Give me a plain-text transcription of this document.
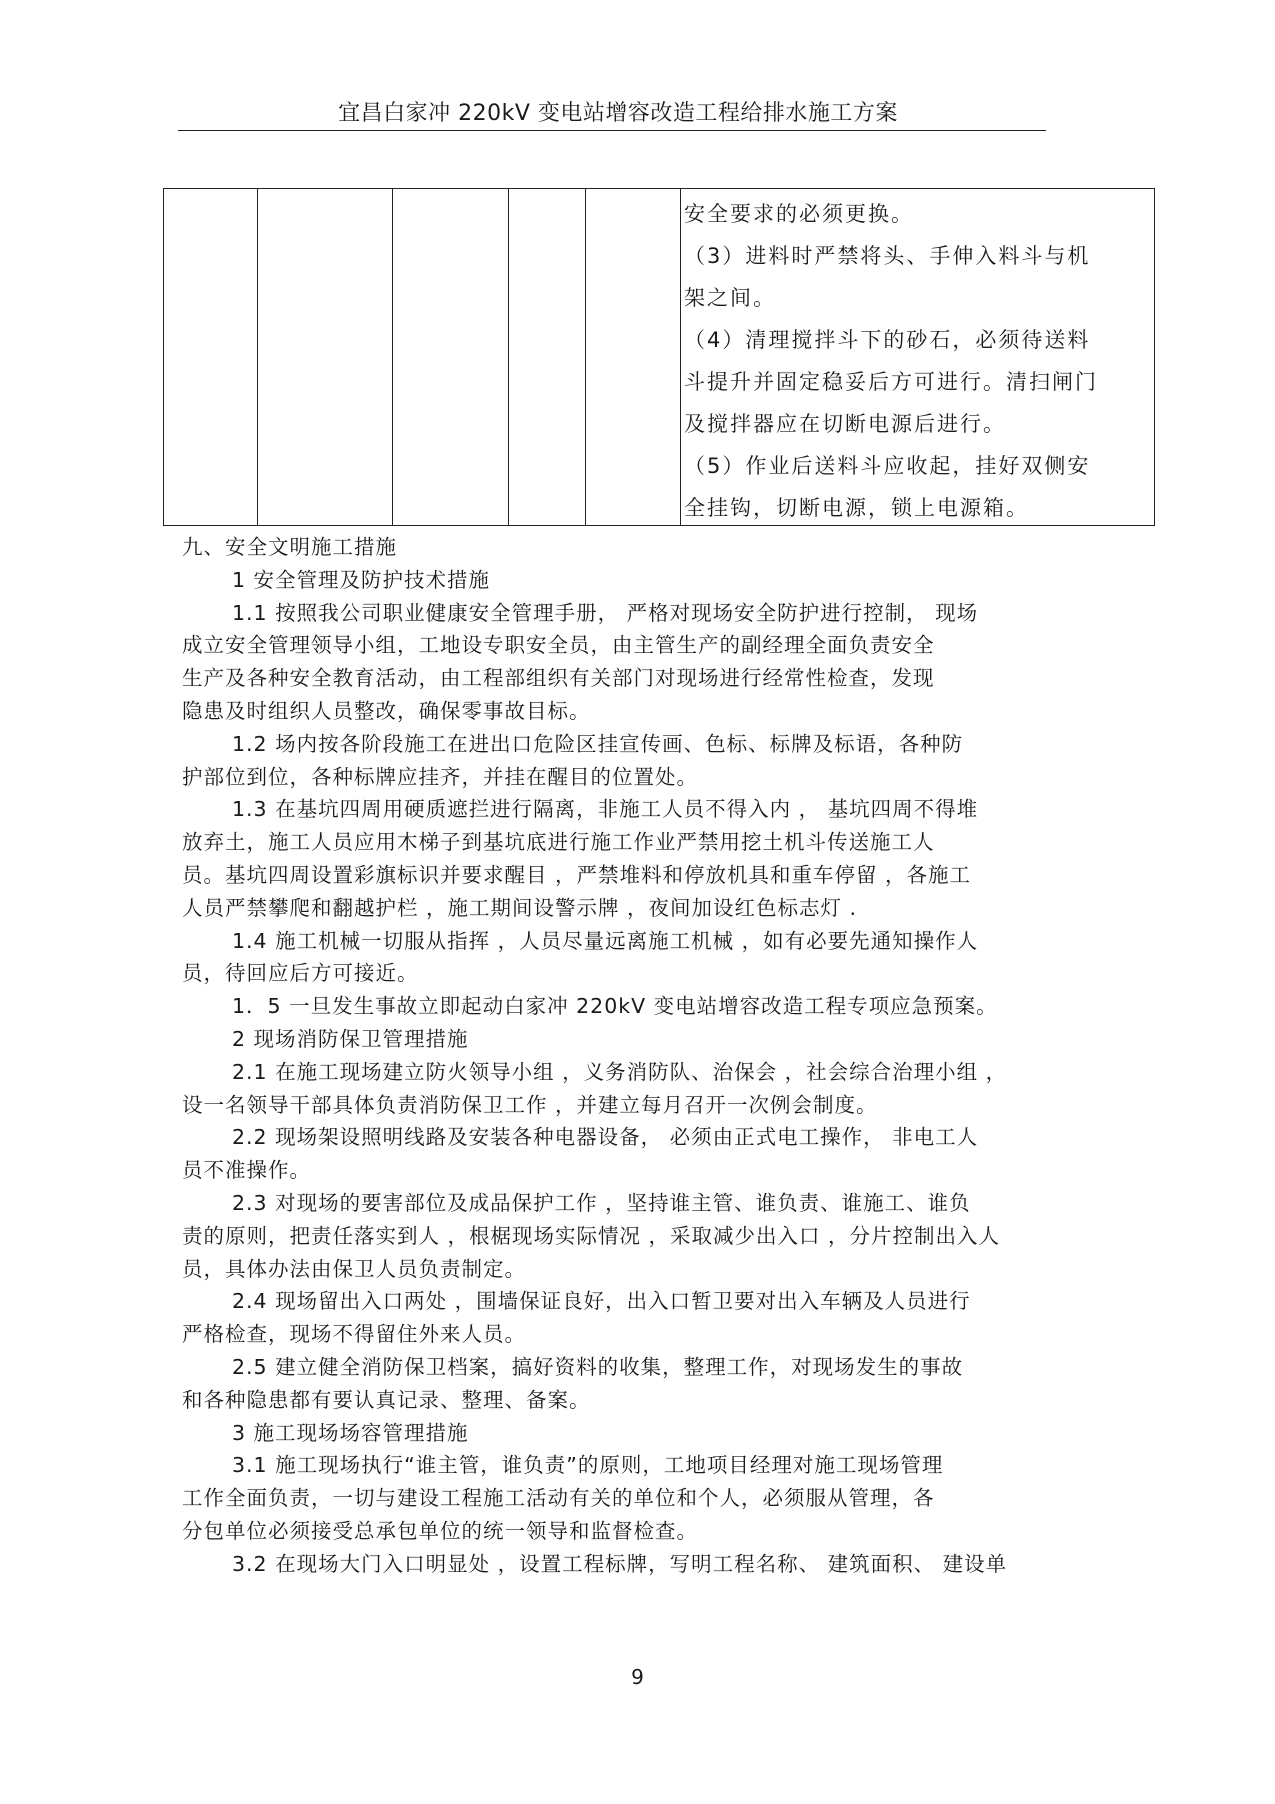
宜昌白家冲 220kV 变电站增容改造工程给排水施工方案

安全要求的必须更换。

（3）进料时严禁将头、手伸入料斗与机

架之间。

（4）清理搅拌斗下的砂石，必须待送料

斗提升并固定稳妥后方可进行。清扫闸门

及搅拌器应在切断电源后进行。

（5）作业后送料斗应收起，挂好双侧安

全挂钩，切断电源，锁上电源箱。

九、安全文明施工措施

1 安全管理及防护技术措施

1.1 按照我公司职业健康安全管理手册， 严格对现场安全防护进行控制， 现场

成立安全管理领导小组，工地设专职安全员，由主管生产的副经理全面负责安全

生产及各种安全教育活动，由工程部组织有关部门对现场进行经常性检查，发现

隐患及时组织人员整改，确保零事故目标。

1.2 场内按各阶段施工在进出口危险区挂宣传画、色标、标牌及标语，各种防

护部位到位，各种标牌应挂齐，并挂在醒目的位置处。

1.3 在基坑四周用硬质遮拦进行隔离，非施工人员不得入内 ， 基坑四周不得堆

放弃土，施工人员应用木梯子到基坑底进行施工作业严禁用挖土机斗传送施工人

员。基坑四周设置彩旗标识并要求醒目 ，严禁堆料和停放机具和重车停留 ，各施工

人员严禁攀爬和翻越护栏 ，施工期间设警示牌 ，夜间加设红色标志灯 .

1.4 施工机械一切服从指挥 ，人员尽量远离施工机械 ，如有必要先通知操作人

员，待回应后方可接近。

1．5 一旦发生事故立即起动白家冲 220kV 变电站增容改造工程专项应急预案。

2 现场消防保卫管理措施

2.1 在施工现场建立防火领导小组 ，义务消防队、治保会 ，社会综合治理小组 ，

设一名领导干部具体负责消防保卫工作 ，并建立每月召开一次例会制度。

2.2 现场架设照明线路及安装各种电器设备， 必须由正式电工操作， 非电工人

员不准操作。

2.3 对现场的要害部位及成品保护工作 ，坚持谁主管、谁负责、谁施工、谁负

责的原则，把责任落实到人 ，根椐现场实际情况 ，采取减少出入口 ，分片控制出入人

员，具体办法由保卫人员负责制定。

2.4 现场留出入口两处 ，围墙保证良好，出入口暂卫要对出入车辆及人员进行

严格检查，现场不得留住外来人员。

2.5 建立健全消防保卫档案，搞好资料的收集，整理工作，对现场发生的事故

和各种隐患都有要认真记录、整理、备案。

3 施工现场场容管理措施

3.1 施工现场执行“谁主管，谁负责”的原则，工地项目经理对施工现场管理

工作全面负责，一切与建设工程施工活动有关的单位和个人，必须服从管理，各

分包单位必须接受总承包单位的统一领导和监督检查。

3.2 在现场大门入口明显处 ，设置工程标牌，写明工程名称、 建筑面积、 建设单

9
